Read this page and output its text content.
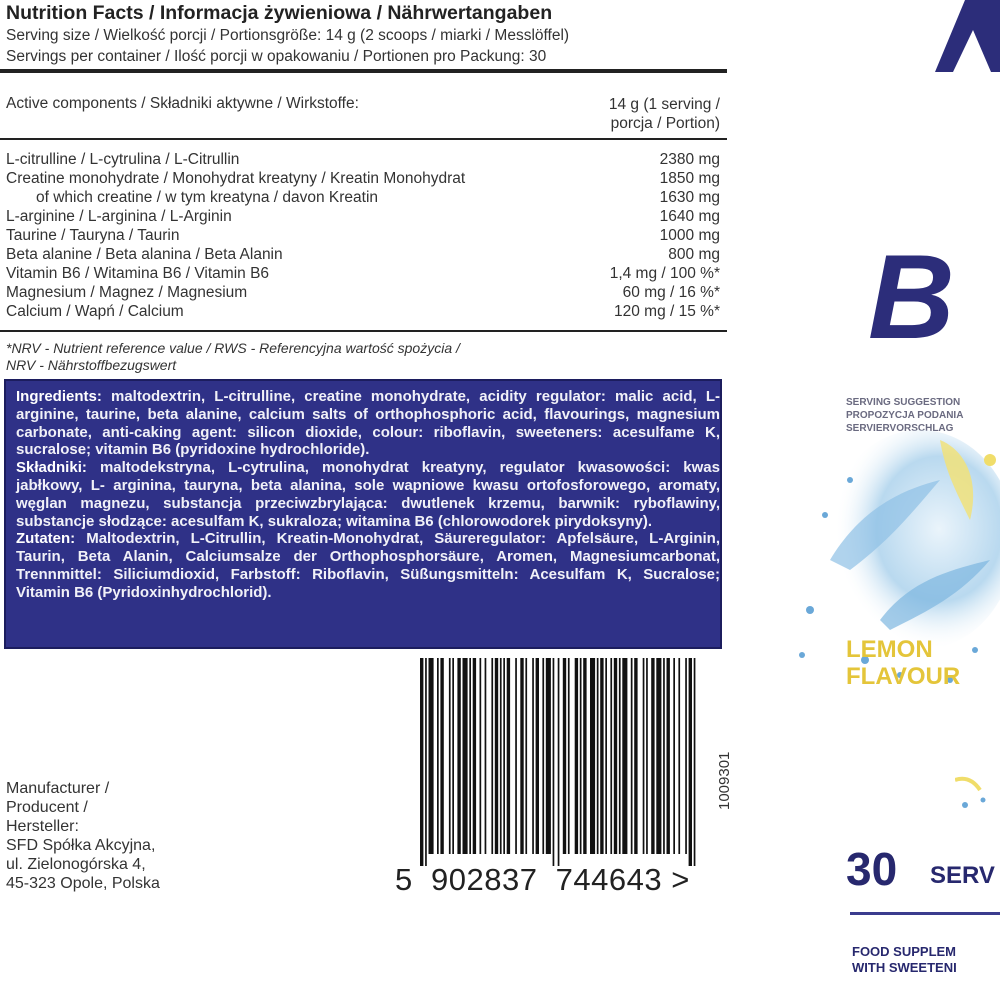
Nutrition Facts / Informacja żywieniowa / Nährwertangaben
Serving size / Wielkość porcji / Portionsgröße: 14 g (2 scoops / miarki / Messlöffel)
Servings per container / Ilość porcji w opakowaniu / Portionen pro Packung: 30
Active components / Składniki aktywne / Wirkstoffe:	14 g (1 serving /
porcja / Portion)
L-citrulline / L-cytrulina / L-Citrullin	2380 mg
Creatine monohydrate / Monohydrat kreatyny / Kreatin Monohydrat	1850 mg
of which creatine / w tym kreatyna / davon Kreatin	1630 mg
L-arginine / L-arginina / L-Arginin	1640 mg
Taurine / Tauryna / Taurin	1000 mg
Beta alanine / Beta alanina / Beta Alanin	800 mg
Vitamin B6 / Witamina B6 / Vitamin B6	1,4 mg / 100 %*
Magnesium / Magnez / Magnesium	60 mg / 16 %*
Calcium / Wapń / Calcium	120 mg / 15 %*
*NRV - Nutrient reference value / RWS - Referencyjna wartość spożycia /
NRV - Nährstoffbezugswert

Ingredients: maltodextrin, L-citrulline, creatine monohydrate, acidity regulator: malic acid, L-arginine, taurine, beta alanine, calcium salts of orthophosphoric acid, flavourings, magnesium carbonate, anti-caking agent: silicon dioxide, colour: riboflavin, sweeteners: acesulfame K, sucralose; vitamin B6 (pyridoxine hydrochloride).

Składniki: maltodekstryna, L-cytrulina, monohydrat kreatyny, regulator kwasowości: kwas jabłkowy, L- arginina, tauryna, beta alanina, sole wapniowe kwasu ortofosforowego, aromaty, węglan magnezu, substancja przeciwzbrylająca: dwutlenek krzemu, barwnik: ryboflawiny, substancje słodzące: acesulfam K, sukraloza; witamina B6 (chlorowodorek pirydoksyny).

Zutaten: Maltodextrin, L-Citrullin, Kreatin-Monohydrat, Säureregulator: Apfelsäure, L-Arginin, Taurin, Beta Alanin, Calciumsalze der Orthophosphorsäure, Aromen, Magnesiumcarbonat, Trennmittel: Siliciumdioxid, Farbstoff: Riboflavin, Süßungsmitteln: Acesulfam K, Sucralose; Vitamin B6 (Pyridoxinhydrochlorid).

Manufacturer /
Producent /
Hersteller:
SFD Spółka Akcyjna,
ul. Zielonogórska 4,
45-323 Opole, Polska
1009301
5 902837 744643 >
B
SERVING SUGGESTION
PROPOZYCJA PODANIA
SERVIERVORSCHLAG
LEMON
FLAVOUR
30 SERV
FOOD SUPPLEM
WITH SWEETENI
